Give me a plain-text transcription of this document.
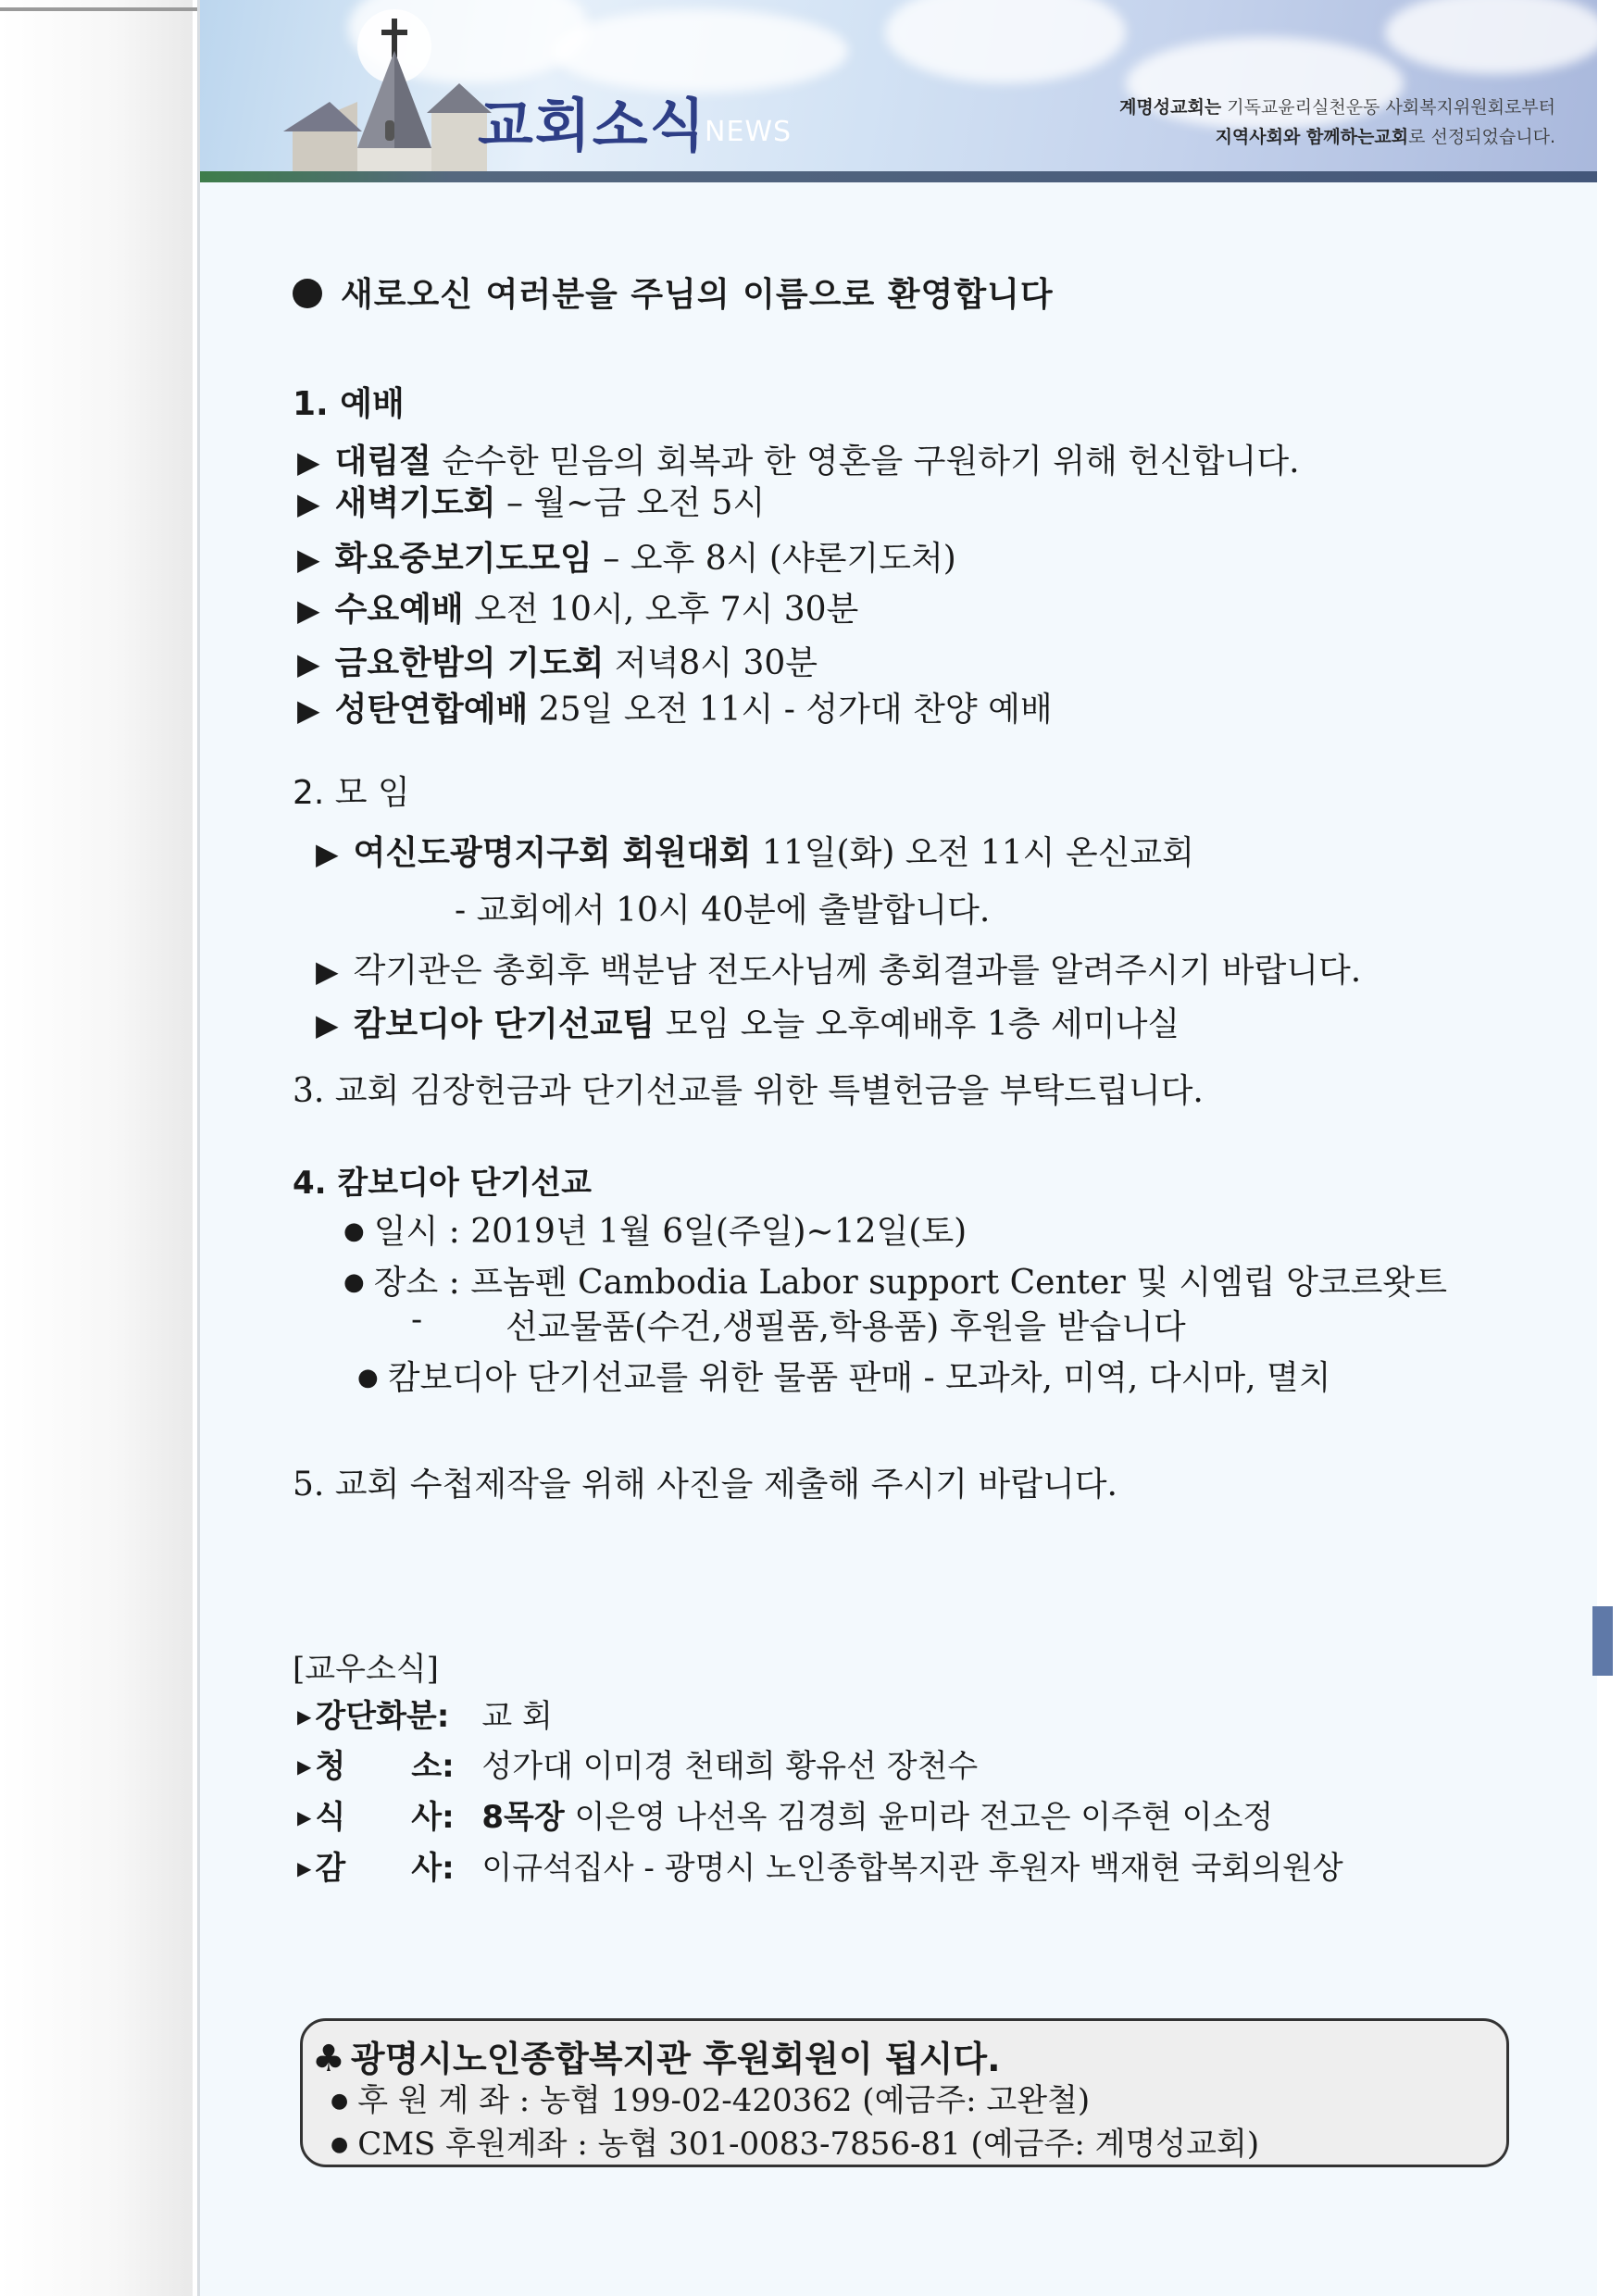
교회소식
NEWS
계명성교회는 기독교윤리실천운동 사회복지위원회로부터
지역사회와 함께하는교회로 선정되었습니다.
새로오신 여러분을 주님의 이름으로 환영합니다
1. 예배
▶ 대림절 순수한 믿음의 회복과 한 영혼을 구원하기 위해 헌신합니다.
▶ 새벽기도회 – 월~금 오전 5시
▶ 화요중보기도모임 – 오후 8시 (샤론기도처)
▶ 수요예배 오전 10시, 오후 7시 30분
▶ 금요한밤의 기도회 저녁8시 30분
▶ 성탄연합예배 25일 오전 11시 - 성가대 찬양 예배
2. 모 임
▶ 여신도광명지구회 회원대회 11일(화) 오전 11시 온신교회
- 교회에서 10시 40분에 출발합니다.
▶ 각기관은 총회후 백분남 전도사님께 총회결과를 알려주시기 바랍니다.
▶ 캄보디아 단기선교팀 모임 오늘 오후예배후 1층 세미나실
3. 교회 김장헌금과 단기선교를 위한 특별헌금을 부탁드립니다.
4. 캄보디아 단기선교
● 일시 : 2019년 1월 6일(주일)~12일(토)
● 장소 : 프놈펜 Cambodia Labor support Center 및 시엠립 앙코르왓트
- 선교물품(수건,생필품,학용품) 후원을 받습니다
● 캄보디아 단기선교를 위한 물품 판매 - 모과차, 미역, 다시마, 멸치
5. 교회 수첩제작을 위해 사진을 제출해 주시기 바랍니다.
[교우소식]
▶ 강단화분: 교 회
▶ 청      소: 성가대 이미경 천태희 황유선 장천수
▶ 식      사: 8목장 이은영 나선옥 김경희 윤미라 전고은 이주현 이소정
▶ 감      사: 이규석집사 - 광명시 노인종합복지관 후원자 백재현 국회의원상
♣ 광명시노인종합복지관 후원회원이 됩시다.
● 후 원 계 좌 : 농협 199-02-420362 (예금주: 고완철)
● CMS 후원계좌 : 농협 301-0083-7856-81 (예금주: 계명성교회)
